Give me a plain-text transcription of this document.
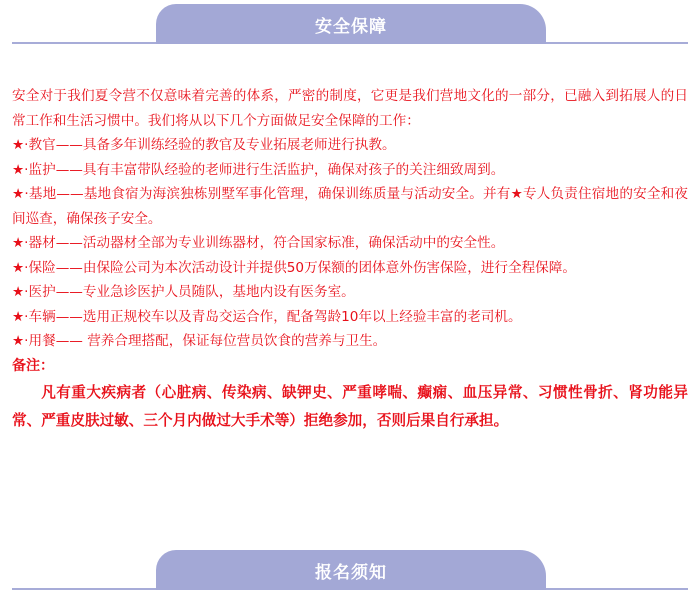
安全保障

安全对于我们夏令营不仅意味着完善的体系，严密的制度，它更是我们营地文化的一部分，已融入到拓展人的日常工作和生活习惯中。我们将从以下几个方面做足安全保障的工作：

★·教官——具备多年训练经验的教官及专业拓展老师进行执教。

★·监护——具有丰富带队经验的老师进行生活监护，确保对孩子的关注细致周到。

★·基地——基地食宿为海滨独栋别墅军事化管理，确保训练质量与活动安全。并有★专人负责住宿地的安全和夜间巡查，确保孩子安全。

★·器材——活动器材全部为专业训练器材，符合国家标准，确保活动中的安全性。

★·保险——由保险公司为本次活动设计并提供50万保额的团体意外伤害保险，进行全程保障。

★·医护——专业急诊医护人员随队，基地内设有医务室。

★·车辆——选用正规校车以及青岛交运合作，配备驾龄10年以上经验丰富的老司机。

★·用餐—— 营养合理搭配，保证每位营员饮食的营养与卫生。

备注：

凡有重大疾病者（心脏病、传染病、缺钾史、严重哮喘、癫痫、血压异常、习惯性骨折、肾功能异常、严重皮肤过敏、三个月内做过大手术等）拒绝参加，否则后果自行承担。

报名须知
